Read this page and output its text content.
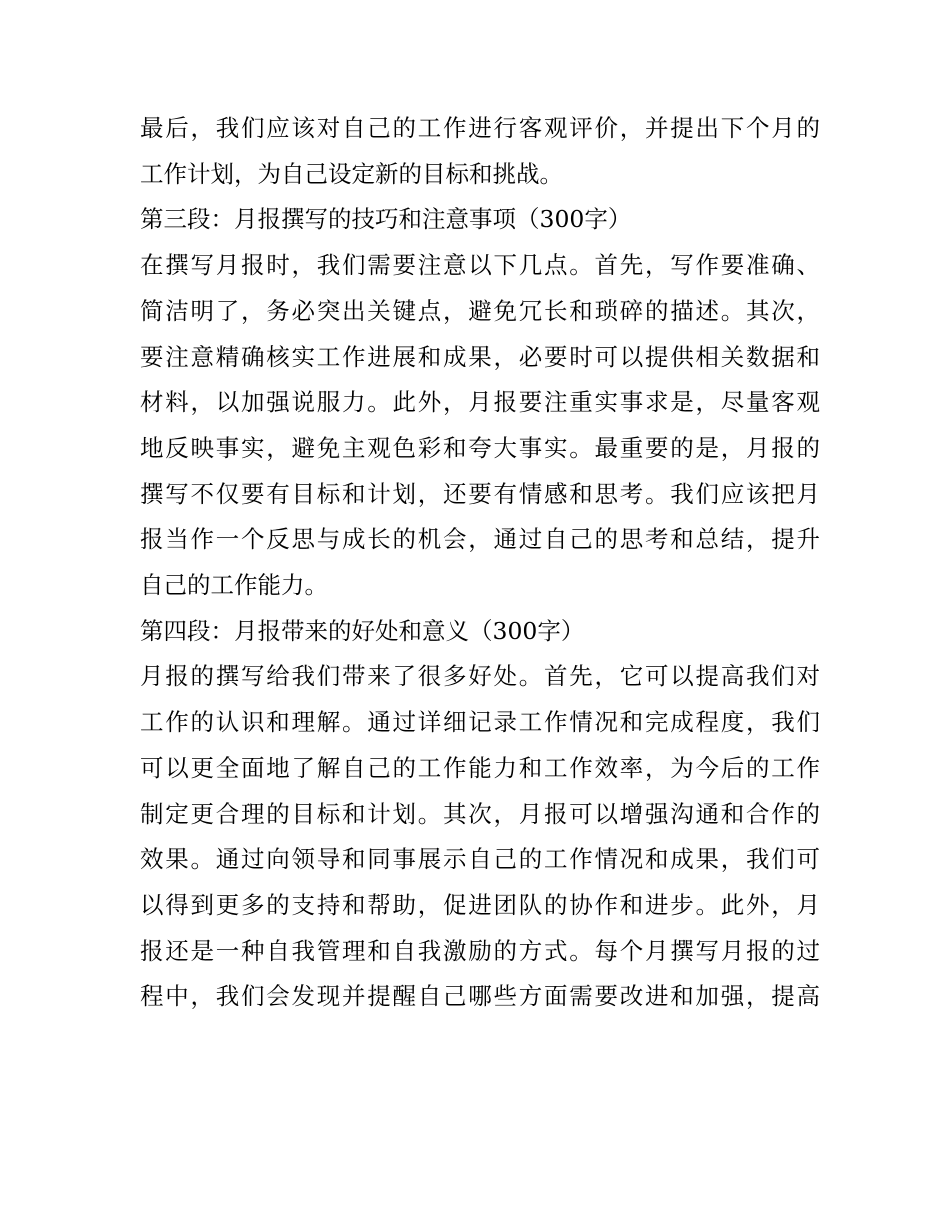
最后，我们应该对自己的工作进行客观评价，并提出下个月的
工作计划，为自己设定新的目标和挑战。
第三段：月报撰写的技巧和注意事项（300字）
在撰写月报时，我们需要注意以下几点。首先，写作要准确、
简洁明了，务必突出关键点，避免冗长和琐碎的描述。其次，
要注意精确核实工作进展和成果，必要时可以提供相关数据和
材料，以加强说服力。此外，月报要注重实事求是，尽量客观
地反映事实，避免主观色彩和夸大事实。最重要的是，月报的
撰写不仅要有目标和计划，还要有情感和思考。我们应该把月
报当作一个反思与成长的机会，通过自己的思考和总结，提升
自己的工作能力。
第四段：月报带来的好处和意义（300字）
月报的撰写给我们带来了很多好处。首先，它可以提高我们对
工作的认识和理解。通过详细记录工作情况和完成程度，我们
可以更全面地了解自己的工作能力和工作效率，为今后的工作
制定更合理的目标和计划。其次，月报可以增强沟通和合作的
效果。通过向领导和同事展示自己的工作情况和成果，我们可
以得到更多的支持和帮助，促进团队的协作和进步。此外，月
报还是一种自我管理和自我激励的方式。每个月撰写月报的过
程中，我们会发现并提醒自己哪些方面需要改进和加强，提高
